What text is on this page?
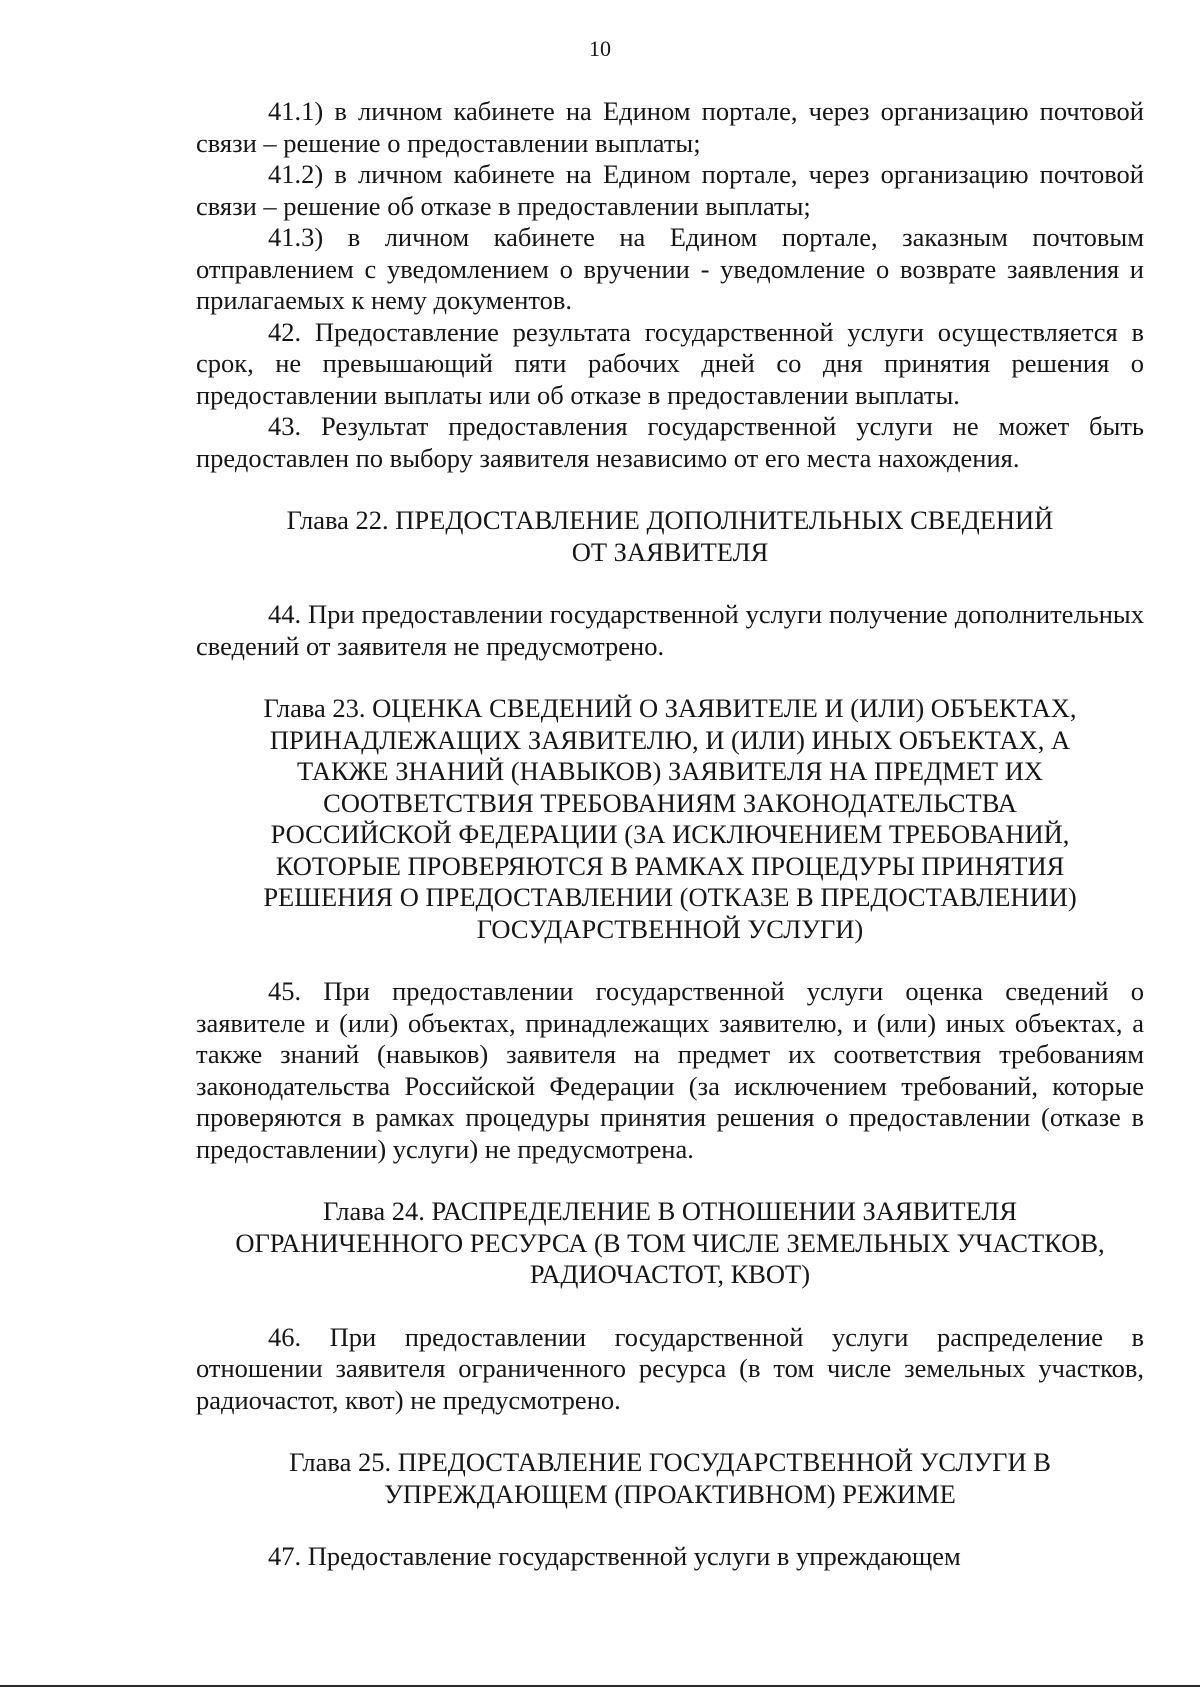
10

41.1) в личном кабинете на Едином портале, через организацию почтовой связи – решение о предоставлении выплаты;

41.2) в личном кабинете на Едином портале, через организацию почтовой связи – решение об отказе в предоставлении выплаты;

41.3) в личном кабинете на Едином портале, заказным почтовым отправлением с уведомлением о вручении - уведомление о возврате заявления и прилагаемых к нему документов.

42. Предоставление результата государственной услуги осуществляется в срок, не превышающий пяти рабочих дней со дня принятия решения о предоставлении выплаты или об отказе в предоставлении выплаты.

43. Результат предоставления государственной услуги не может быть предоставлен по выбору заявителя независимо от его места нахождения.

Глава 22. ПРЕДОСТАВЛЕНИЕ ДОПОЛНИТЕЛЬНЫХ СВЕДЕНИЙ
ОТ ЗАЯВИТЕЛЯ

44. При предоставлении государственной услуги получение дополнительных сведений от заявителя не предусмотрено.

Глава 23. ОЦЕНКА СВЕДЕНИЙ О ЗАЯВИТЕЛЕ И (ИЛИ) ОБЪЕКТАХ,
ПРИНАДЛЕЖАЩИХ ЗАЯВИТЕЛЮ, И (ИЛИ) ИНЫХ ОБЪЕКТАХ, А
ТАКЖЕ ЗНАНИЙ (НАВЫКОВ) ЗАЯВИТЕЛЯ НА ПРЕДМЕТ ИХ
СООТВЕТСТВИЯ ТРЕБОВАНИЯМ ЗАКОНОДАТЕЛЬСТВА
РОССИЙСКОЙ ФЕДЕРАЦИИ (ЗА ИСКЛЮЧЕНИЕМ ТРЕБОВАНИЙ,
КОТОРЫЕ ПРОВЕРЯЮТСЯ В РАМКАХ ПРОЦЕДУРЫ ПРИНЯТИЯ
РЕШЕНИЯ О ПРЕДОСТАВЛЕНИИ (ОТКАЗЕ В ПРЕДОСТАВЛЕНИИ)
ГОСУДАРСТВЕННОЙ УСЛУГИ)

45. При предоставлении государственной услуги оценка сведений о заявителе и (или) объектах, принадлежащих заявителю, и (или) иных объектах, а также знаний (навыков) заявителя на предмет их соответствия требованиям законодательства Российской Федерации (за исключением требований, которые проверяются в рамках процедуры принятия решения о предоставлении (отказе в предоставлении) услуги) не предусмотрена.

Глава 24. РАСПРЕДЕЛЕНИЕ В ОТНОШЕНИИ ЗАЯВИТЕЛЯ
ОГРАНИЧЕННОГО РЕСУРСА (В ТОМ ЧИСЛЕ ЗЕМЕЛЬНЫХ УЧАСТКОВ,
РАДИОЧАСТОТ, КВОТ)

46. При предоставлении государственной услуги распределение в отношении заявителя ограниченного ресурса (в том числе земельных участков, радиочастот, квот) не предусмотрено.

Глава 25. ПРЕДОСТАВЛЕНИЕ ГОСУДАРСТВЕННОЙ УСЛУГИ В
УПРЕЖДАЮЩЕМ (ПРОАКТИВНОМ) РЕЖИМЕ

47. Предоставление государственной услуги в упреждающем
